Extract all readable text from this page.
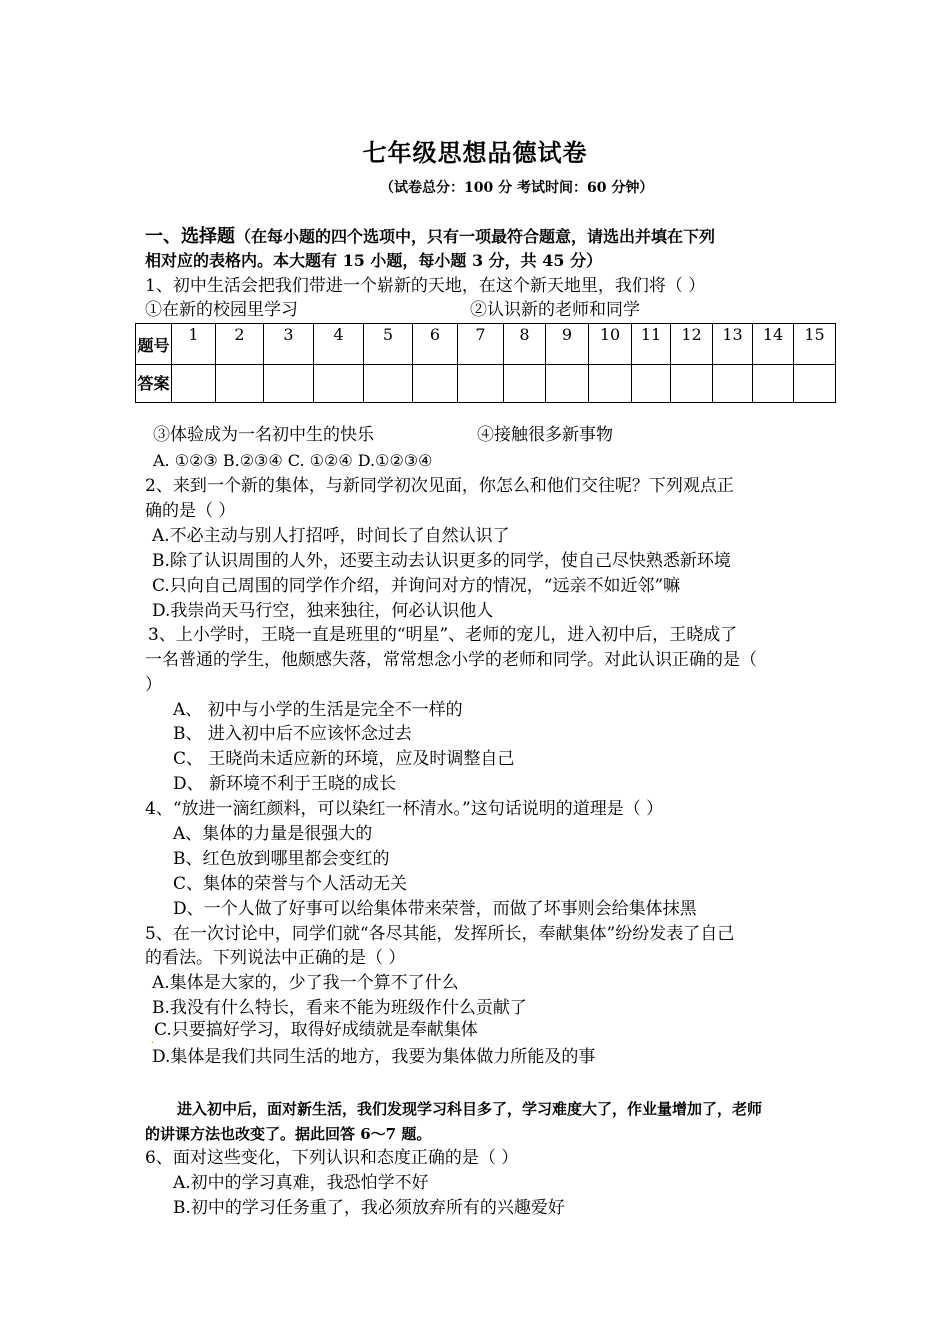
七年级思想品德试卷
（试卷总分：100 分 考试时间：60 分钟）
一、选择题（在每小题的四个选项中，只有一项最符合题意，请选出并填在下列
相对应的表格内。本大题有 15 小题，每小题 3 分，共 45 分）
1、初中生活会把我们带进一个崭新的天地，在这个新天地里，我们将（ ）
①在新的校园里学习	②认识新的老师和同学
题号	1	2	3	4	5	6	7	8	9	10	11	12	13	14	15
答案															
③体验成为一名初中生的快乐	④接触很多新事物
A. ①②③ B.②③④ C. ①②④ D.①②③④
2、来到一个新的集体，与新同学初次见面，你怎么和他们交往呢？下列观点正
确的是（ ）
A.不必主动与别人打招呼，时间长了自然认识了
B.除了认识周围的人外，还要主动去认识更多的同学，使自己尽快熟悉新环境
C.只向自己周围的同学作介绍，并询问对方的情况，“远亲不如近邻”嘛
D.我崇尚天马行空，独来独往，何必认识他人
3、上小学时，王晓一直是班里的“明星”、老师的宠儿，进入初中后，王晓成了
一名普通的学生，他颇感失落，常常想念小学的老师和同学。对此认识正确的是（
）
A、 初中与小学的生活是完全不一样的
B、 进入初中后不应该怀念过去
C、 王晓尚未适应新的环境，应及时调整自己
D、 新环境不利于王晓的成长
4、“放进一滴红颜料，可以染红一杯清水。”这句话说明的道理是（ ）
A、集体的力量是很强大的
B、红色放到哪里都会变红的
C、集体的荣誉与个人活动无关
D、一个人做了好事可以给集体带来荣誉，而做了坏事则会给集体抹黑
5、在一次讨论中，同学们就“各尽其能，发挥所长，奉献集体”纷纷发表了自己
的看法。下列说法中正确的是（ ）
A.集体是大家的，少了我一个算不了什么
B.我没有什么特长，看来不能为班级作什么贡献了
.
C.只要搞好学习，取得好成绩就是奉献集体
D.集体是我们共同生活的地方，我要为集体做力所能及的事
进入初中后，面对新生活，我们发现学习科目多了，学习难度大了，作业量增加了，老师
的讲课方法也改变了。据此回答 6～7 题。
6、面对这些变化，下列认识和态度正确的是（ ）
A.初中的学习真难，我恐怕学不好
B.初中的学习任务重了，我必须放弃所有的兴趣爱好
